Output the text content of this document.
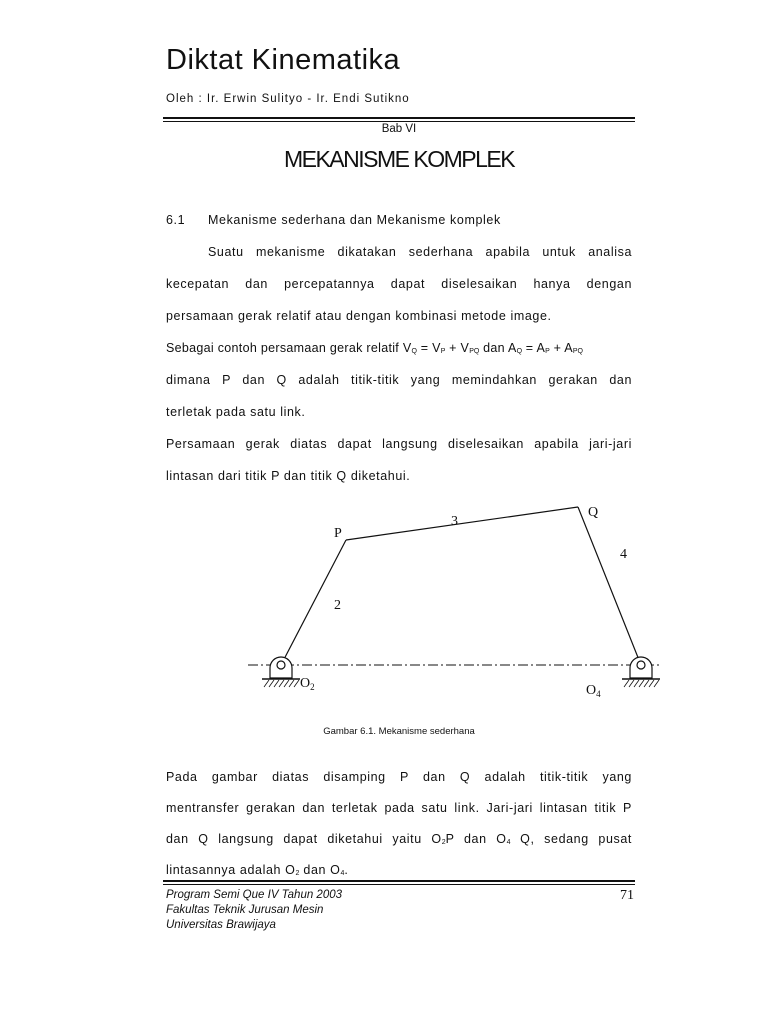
Diktat Kinematika
Oleh : Ir. Erwin Sulityo - Ir. Endi Sutikno
Bab VI
MEKANISME KOMPLEK
6.1 Mekanisme sederhana dan Mekanisme komplek
Suatu mekanisme dikatakan sederhana apabila untuk analisa
kecepatan dan percepatannya dapat diselesaikan hanya dengan
persamaan gerak relatif atau dengan kombinasi metode image.
Sebagai contoh persamaan gerak relatif $V_Q = V_P + V_{PQ}$ dan $A_Q = A_P + A_{PQ}$
dimana P dan Q adalah titik-titik yang memindahkan gerakan dan
terletak pada satu link.
Persamaan gerak diatas dapat langsung diselesaikan apabila jari-jari
lintasan dari titik P dan titik Q diketahui.
P
Q
2
3
4
$O_2$	$O_4$
Gambar 6.1. Mekanisme sederhana
Pada gambar diatas disamping P dan Q adalah titik-titik yang
mentransfer gerakan dan terletak pada satu link. Jari-jari lintasan titik P
dan Q langsung dapat diketahui yaitu $O_2P$ dan $O_4$ Q, sedang pusat
lintasannya adalah $O_2$ dan $O_4$.
Program Semi Que IV Tahun 2003
Fakultas Teknik Jurusan Mesin
Universitas Brawijaya
71
